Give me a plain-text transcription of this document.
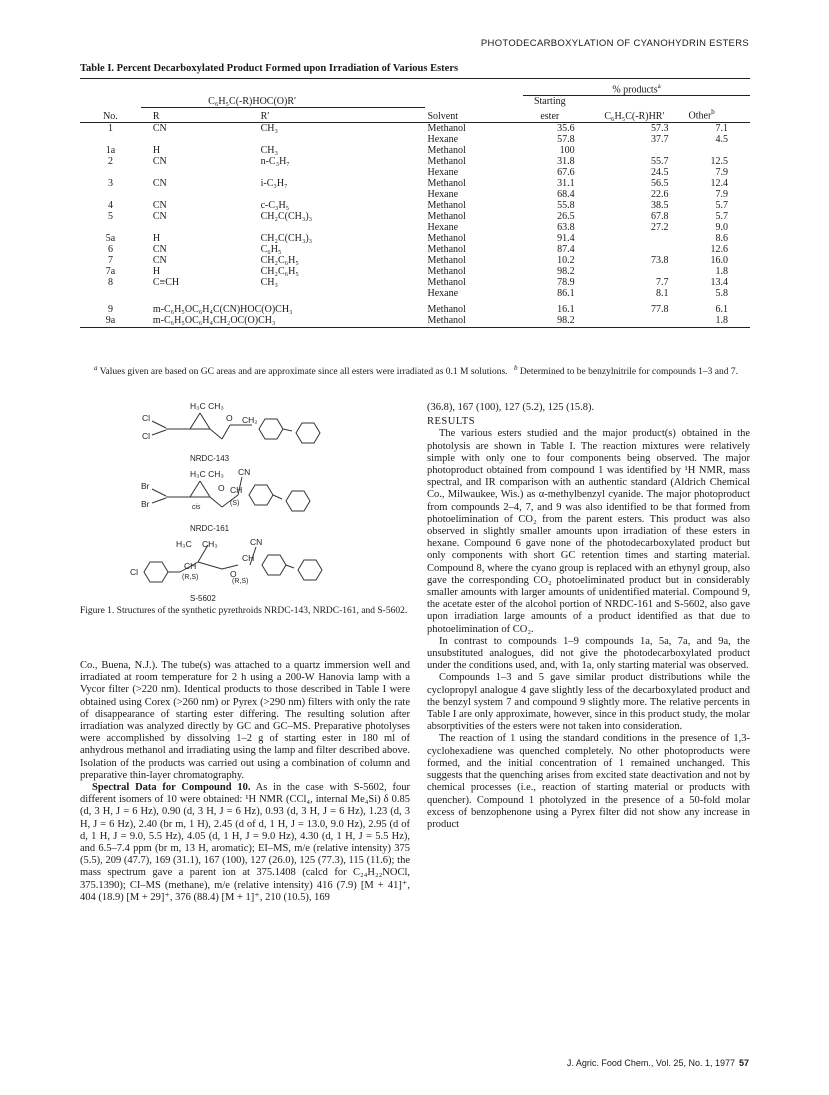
PHOTODECARBOXYLATION OF CYANOHYDRIN ESTERS
Table I. Percent Decarboxylated Product Formed upon Irradiation of Various Esters
				% products$^a$
	C₆H₅C(-R)HOC(O)R′			Starting		
No.	R	R′	Solvent	ester	C₆H₅C(-R)HR′	Other$^b$
1	CN	CH₃	Methanol	35.6	57.3	7.1
			Hexane	57.8	37.7	4.5
1a	H	CH₃	Methanol	100		
2	CN	n-C₃H₇	Methanol	31.8	55.7	12.5
			Hexane	67.6	24.5	7.9
3	CN	i-C₃H₇	Methanol	31.1	56.5	12.4
			Hexane	68.4	22.6	7.9
4	CN	c-C₃H₅	Methanol	55.8	38.5	5.7
5	CN	CH₂C(CH₃)₃	Methanol	26.5	67.8	5.7
			Hexane	63.8	27.2	9.0
5a	H	CH₂C(CH₃)₃	Methanol	91.4		8.6
6	CN	C₆H₅	Methanol	87.4		12.6
7	CN	CH₂C₆H₅	Methanol	10.2	73.8	16.0
7a	H	CH₂C₆H₅	Methanol	98.2		1.8
8	C≡CH	CH₃	Methanol	78.9	7.7	13.4
			Hexane	86.1	8.1	5.8

9	m-C₆H₅OC₆H₄C(CN)HOC(O)CH₃		Methanol	16.1	77.8	6.1
9a	m-C₆H₅OC₆H₄CH₂OC(O)CH₃		Methanol	98.2		1.8
$^a$ Values given are based on GC areas and are approximate since all esters were irradiated as 0.1 M solutions. $^b$ Determined to be benzylnitrile for compounds 1–3 and 7.
H₃C CH₃
Cl
Cl
O CH₂
NRDC-143
H₃C CH₃ CN
Br
Br	cis
O CH
(S)
NRDC-161
H₃C CH₃	CN
Cl
CH
(R,S)	O
(R,S)
CH
S-5602
Figure 1. Structures of the synthetic pyrethroids NRDC-143, NRDC-161, and S-5602.

Co., Buena, N.J.). The tube(s) was attached to a quartz immersion well and irradiated at room temperature for 2 h using a 200-W Hanovia lamp with a Vycor filter (>220 nm). Identical products to those described in Table I were obtained using Corex (>260 nm) or Pyrex (>290 nm) filters with only the rate of disappearance of starting ester differing. The resulting solution after irradiation was analyzed directly by GC and GC–MS. Preparative photolyses were accomplished by dissolving 1–2 g of starting ester in 180 ml of anhydrous methanol and irradiating using the lamp and filter described above. Isolation of the products was carried out using a combination of column and preparative thin-layer chromatography.

Spectral Data for Compound 10. As in the case with S-5602, four different isomers of 10 were obtained: ¹H NMR (CCl₄, internal Me₄Si) δ 0.85 (d, 3 H, J = 6 Hz), 0.90 (d, 3 H, J = 6 Hz), 0.93 (d, 3 H, J = 6 Hz), 1.23 (d, 3 H, J = 6 Hz), 2.40 (br m, 1 H), 2.45 (d of d, 1 H, J = 13.0, 9.0 Hz), 2.95 (d of d, 1 H, J = 9.0, 5.5 Hz), 4.05 (d, 1 H, J = 9.0 Hz), 4.30 (d, 1 H, J = 5.5 Hz), and 6.5–7.4 ppm (br m, 13 H, aromatic); EI–MS, m/e (relative intensity) 375 (5.5), 209 (47.7), 169 (31.1), 167 (100), 127 (26.0), 125 (77.3), 115 (11.6); the mass spectrum gave a parent ion at 375.1408 (calcd for C₂₄H₂₂NOCl, 375.1390); CI–MS (methane), m/e (relative intensity) 416 (7.9) [M + 41]⁺, 404 (18.9) [M + 29]⁺, 376 (88.4) [M + 1]⁺, 210 (10.5), 169

(36.8), 167 (100), 127 (5.2), 125 (15.8).

RESULTS

The various esters studied and the major product(s) obtained in the photolysis are shown in Table I. The reaction mixtures were relatively simple with only one to four components being observed. The major photoproduct obtained from compound 1 was identified by ¹H NMR, mass spectral, and IR comparison with an authentic standard (Aldrich Chemical Co., Milwaukee, Wis.) as α-methylbenzyl cyanide. The major photoproduct from compounds 2–4, 7, and 9 was also identified to be that formed from photoelimination of CO₂ from the parent esters. This product was also observed in slightly smaller amounts upon irradiation of these esters in hexane. Compound 6 gave none of the photodecarboxylated product but only components with short GC retention times and starting material. Compound 8, where the cyano group is replaced with an ethynyl group, also gave the corresponding CO₂ photoeliminated product but in considerably smaller amounts with larger amounts of unidentified material. Compound 9, the acetate ester of the alcohol portion of NRDC-161 and S-5602, also gave upon irradiation large amounts of a product identified as that due to photoelimination of CO₂.

In contrast to compounds 1–9 compounds 1a, 5a, 7a, and 9a, the unsubstituted analogues, did not give the photodecarboxylated product under the conditions used, and, with 1a, only starting material was observed.

Compounds 1–3 and 5 gave similar product distributions while the cyclopropyl analogue 4 gave slightly less of the decarboxylated product and the benzyl system 7 and compound 9 slightly more. The relative percents in Table I are only approximate, however, since in this product study, the molar absorptivities of the esters were not taken into consideration.

The reaction of 1 using the standard conditions in the presence of 1,3-cyclohexadiene was quenched completely. No other photoproducts were formed, and the initial concentration of 1 remained unchanged. This suggests that the quenching arises from excited state deactivation and not by chemical processes (i.e., reaction of starting material or products with quencher). Compound 1 photolyzed in the presence of a 50-fold molar excess of benzophenone using a Pyrex filter did not show any increase in product

J. Agric. Food Chem., Vol. 25, No. 1, 1977 57
